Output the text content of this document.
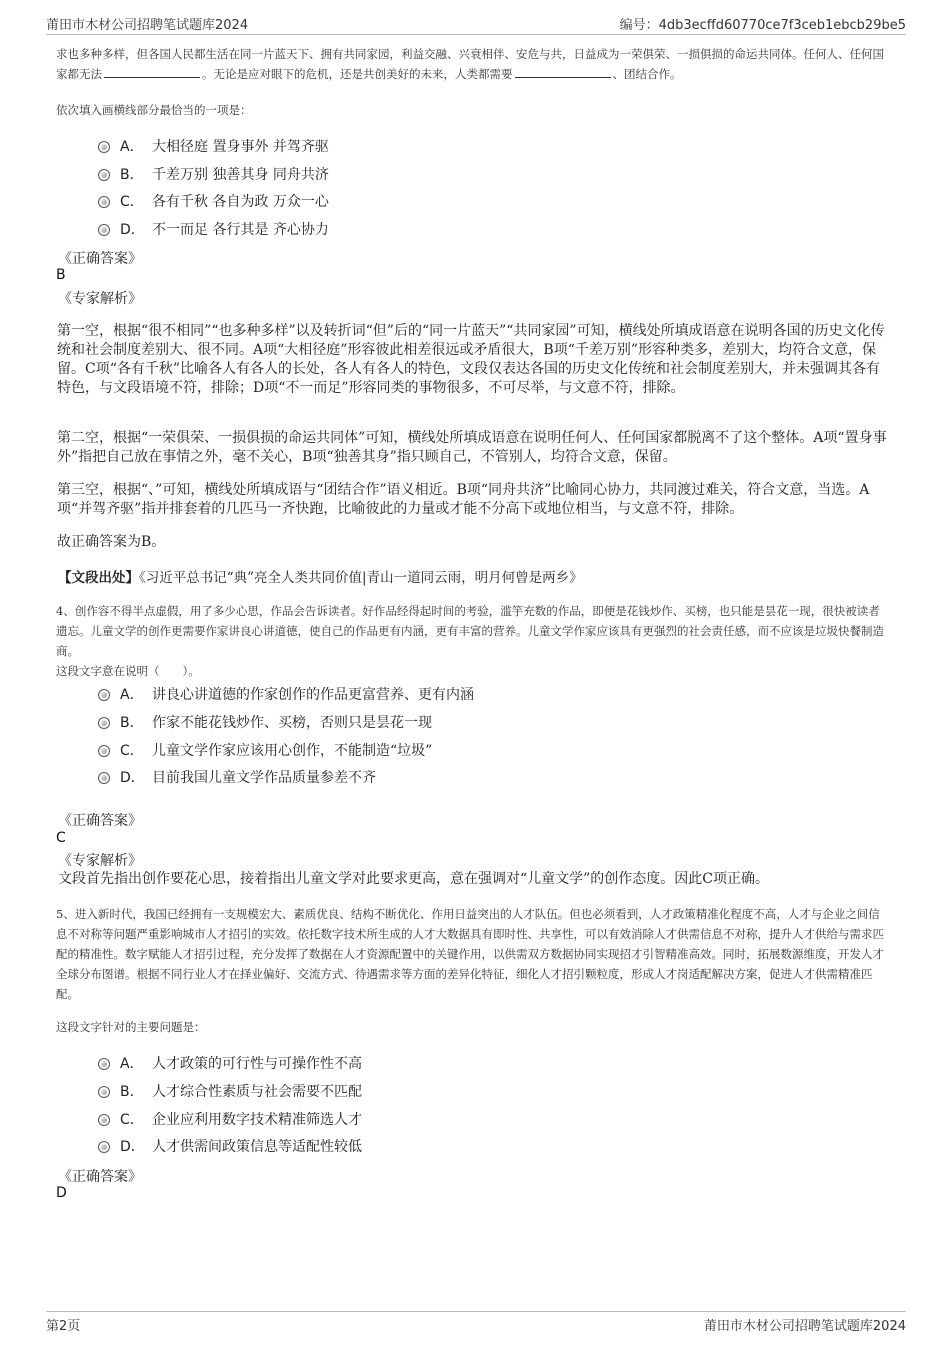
莆田市木材公司招聘笔试题库2024	编号：4db3ecffd60770ce7f3ceb1ebcb29be5
求也多种多样，但各国人民都生活在同一片蓝天下、拥有共同家园，利益交融、兴衰相伴、安危与共，日益成为一荣俱荣、一损俱损的命运共同体。任何人、任何国家都无法	。无论是应对眼下的危机，还是共创美好的未来，人类都需要	、团结合作。
依次填入画横线部分最恰当的一项是：
A． 大相径庭 置身事外 并驾齐驱
B． 千差万别 独善其身 同舟共济
C． 各有千秋 各自为政 万众一心
D． 不一而足 各行其是 齐心协力
《正确答案》
B
《专家解析》
第一空，根据“很不相同”“也多种多样”以及转折词“但”后的“同一片蓝天”“共同家园”可知，横线处所填成语意在说明各国的历史文化传统和社会制度差别大、很不同。A项“大相径庭”形容彼此相差很远或矛盾很大，B项“千差万别”形容种类多，差别大，均符合文意，保留。C项“各有千秋”比喻各人有各人的长处，各人有各人的特色，文段仅表达各国的历史文化传统和社会制度差别大，并未强调其各有特色，与文段语境不符，排除；D项“不一而足”形容同类的事物很多，不可尽举，与文意不符，排除。
第二空，根据“一荣俱荣、一损俱损的命运共同体”可知，横线处所填成语意在说明任何人、任何国家都脱离不了这个整体。A项“置身事外”指把自己放在事情之外，毫不关心，B项“独善其身”指只顾自己，不管别人，均符合文意，保留。
第三空，根据“、”可知，横线处所填成语与“团结合作”语义相近。B项“同舟共济”比喻同心协力，共同渡过难关，符合文意，当选。A项“并驾齐驱”指并排套着的几匹马一齐快跑，比喻彼此的力量或才能不分高下或地位相当，与文意不符，排除。
故正确答案为B。
【文段出处】《习近平总书记“典”亮全人类共同价值|青山一道同云雨，明月何曾是两乡》
4、创作容不得半点虚假，用了多少心思，作品会告诉读者。好作品经得起时间的考验，滥竽充数的作品，即便是花钱炒作、买榜，也只能是昙花一现，很快被读者遗忘。儿童文学的创作更需要作家讲良心讲道德，使自己的作品更有内涵，更有丰富的营养。儿童文学作家应该具有更强烈的社会责任感，而不应该是垃圾快餐制造商。
这段文字意在说明（　　）。
A． 讲良心讲道德的作家创作的作品更富营养、更有内涵
B． 作家不能花钱炒作、买榜，否则只是昙花一现
C． 儿童文学作家应该用心创作，不能制造“垃圾”
D． 目前我国儿童文学作品质量参差不齐
《正确答案》
C
《专家解析》
文段首先指出创作要花心思，接着指出儿童文学对此要求更高，意在强调对“儿童文学”的创作态度。因此C项正确。
5、进入新时代，我国已经拥有一支规模宏大、素质优良、结构不断优化、作用日益突出的人才队伍。但也必须看到，人才政策精准化程度不高，人才与企业之间信息不对称等问题严重影响城市人才招引的实效。依托数字技术所生成的人才大数据具有即时性、共享性，可以有效消除人才供需信息不对称，提升人才供给与需求匹配的精准性。数字赋能人才招引过程，充分发挥了数据在人才资源配置中的关键作用，以供需双方数据协同实现招才引智精准高效。同时，拓展数源维度，开发人才全球分布图谱。根据不同行业人才在择业偏好、交流方式、待遇需求等方面的差异化特征，细化人才招引颗粒度，形成人才岗适配解决方案，促进人才供需精准匹配。
这段文字针对的主要问题是：
A． 人才政策的可行性与可操作性不高
B． 人才综合性素质与社会需要不匹配
C． 企业应利用数字技术精准筛选人才
D． 人才供需间政策信息等适配性较低
《正确答案》
D
第2页	莆田市木材公司招聘笔试题库2024
